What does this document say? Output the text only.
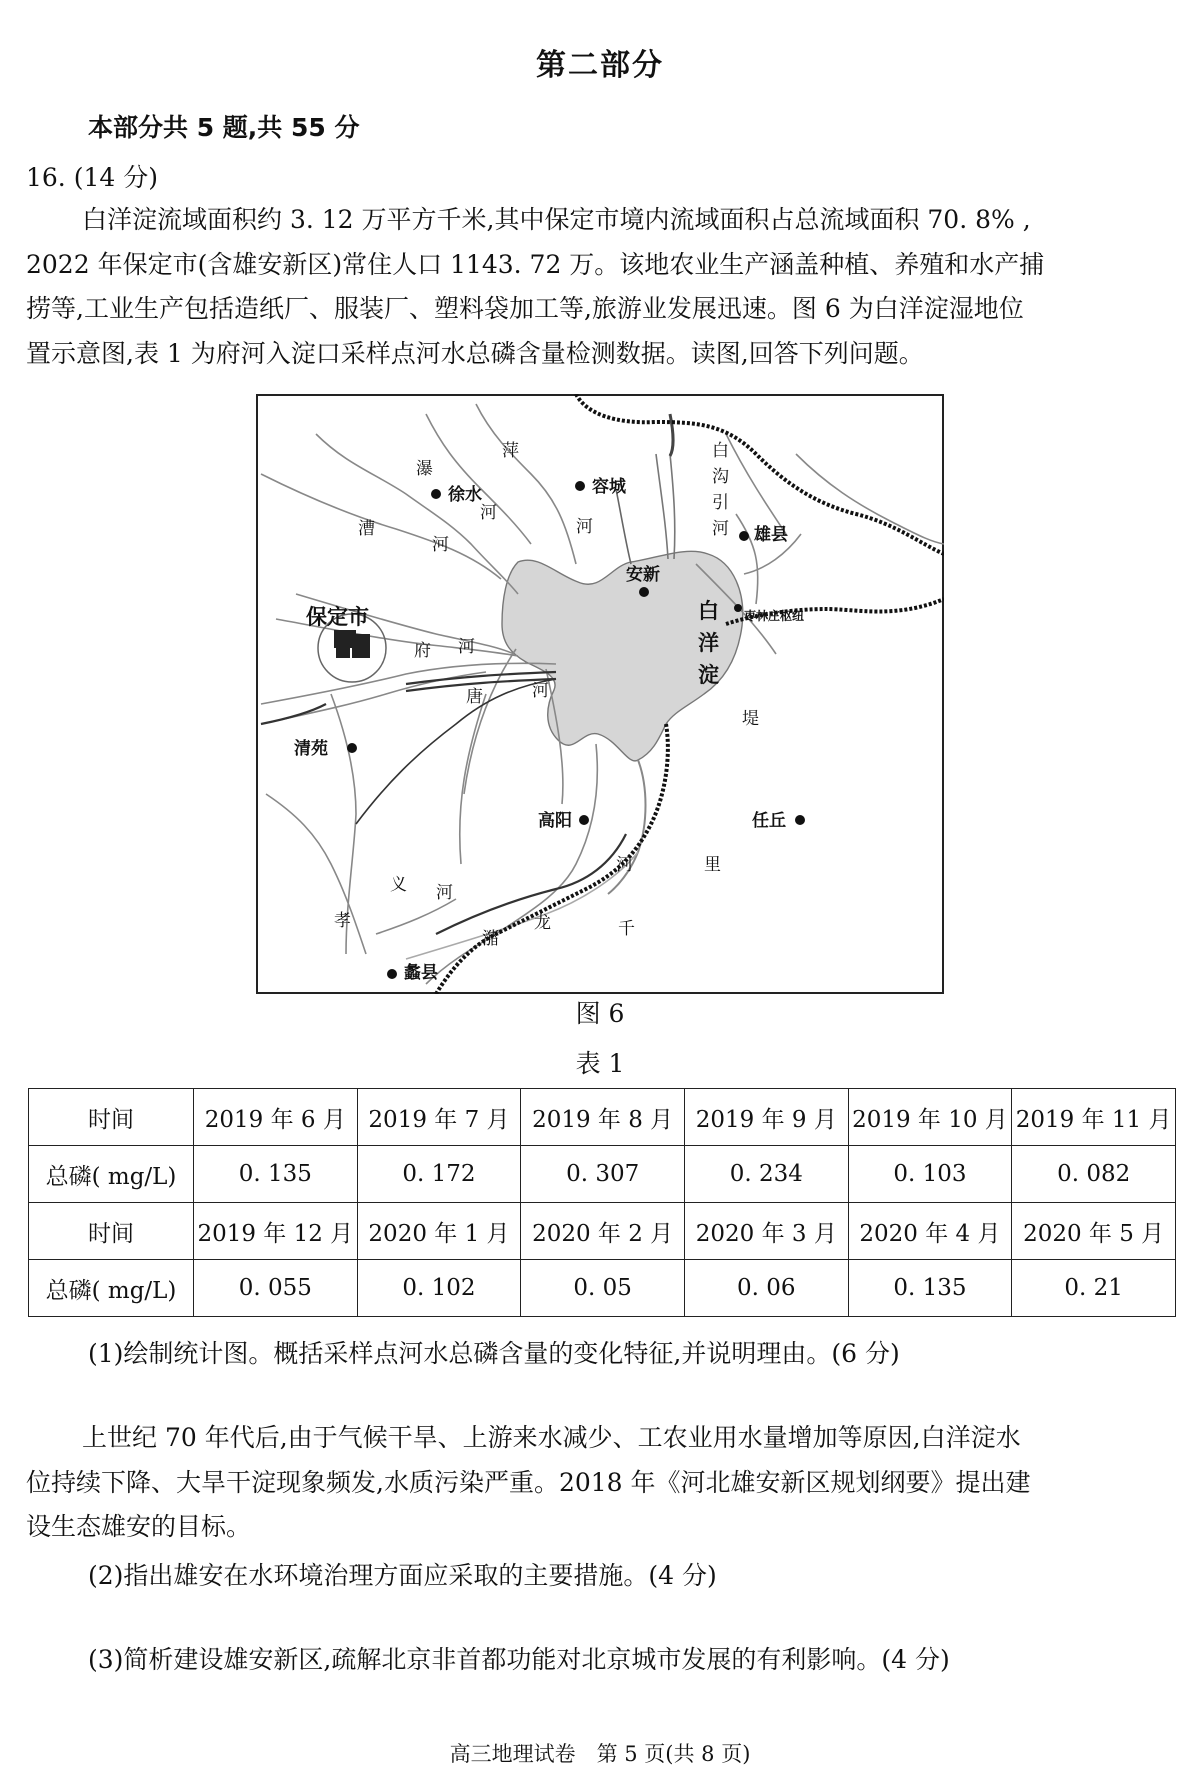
第二部分
本部分共 5 题,共 55 分
16. (14 分)

白洋淀流域面积约 3. 12 万平方千米,其中保定市境内流域面积占总流域面积 70. 8% ,
2022 年保定市(含雄安新区)常住人口 1143. 72 万。该地农业生产涵盖种植、养殖和水产捕
捞等,工业生产包括造纸厂、服装厂、塑料袋加工等,旅游业发展迅速。图 6 为白洋淀湿地位
置示意图,表 1 为府河入淀口采样点河水总磷含量检测数据。读图,回答下列问题。

瀑
徐水
萍
容城
白
沟
引
河 雄县
漕
河
河
河
安新
保定市
府 河
白
洋
淀
枣林庄枢纽
堤
唐	河
清苑
高阳	任丘
里
义 河
孝
潴
龙
河
千
蠡县
图 6
表 1
时间	2019 年 6 月	2019 年 7 月	2019 年 8 月	2019 年 9 月	2019 年 10 月	2019 年 11 月
总磷( mg/L)	0. 135	0. 172	0. 307	0. 234	0. 103	0. 082
时间	2019 年 12 月	2020 年 1 月	2020 年 2 月	2020 年 3 月	2020 年 4 月	2020 年 5 月
总磷( mg/L)	0. 055	0. 102	0. 05	0. 06	0. 135	0. 21
(1)绘制统计图。概括采样点河水总磷含量的变化特征,并说明理由。(6 分)

上世纪 70 年代后,由于气候干旱、上游来水减少、工农业用水量增加等原因,白洋淀水
位持续下降、大旱干淀现象频发,水质污染严重。2018 年《河北雄安新区规划纲要》提出建
设生态雄安的目标。

(2)指出雄安在水环境治理方面应采取的主要措施。(4 分)
(3)简析建设雄安新区,疏解北京非首都功能对北京城市发展的有利影响。(4 分)
高三地理试卷　第 5 页(共 8 页)
